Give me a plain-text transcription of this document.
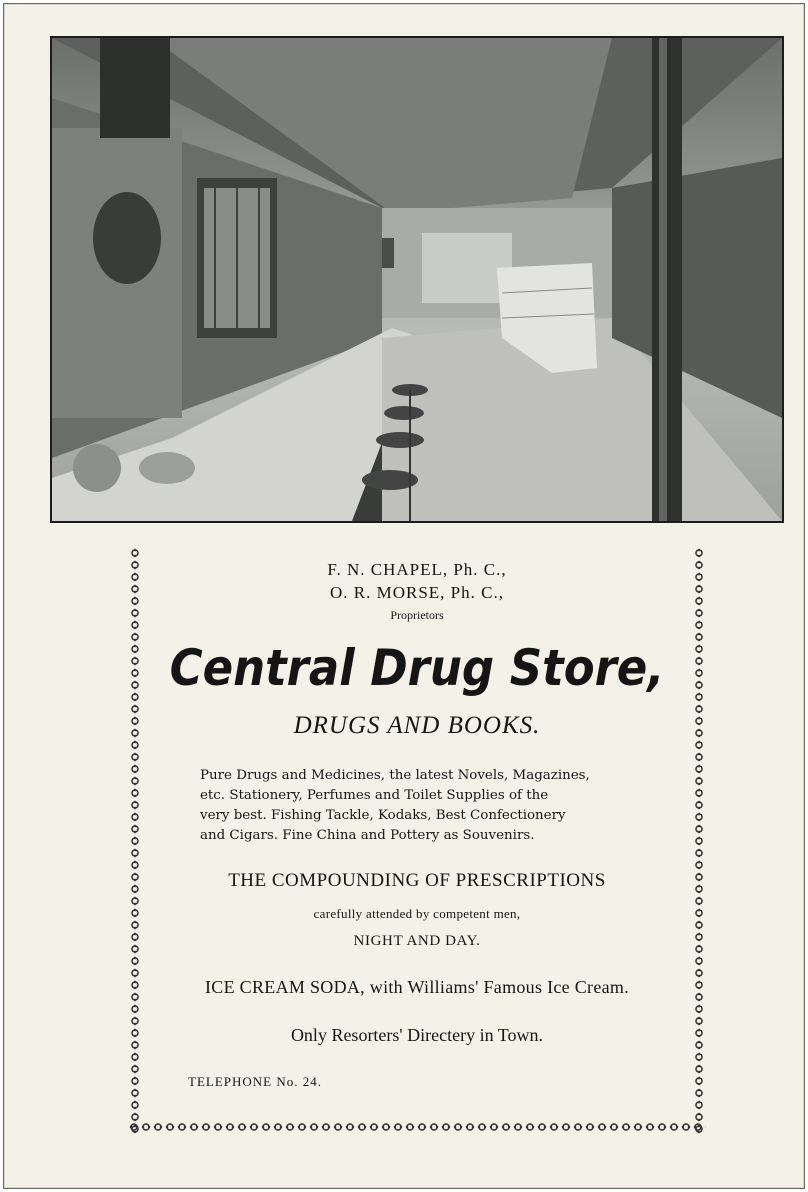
F. N. CHAPEL, Ph. C.,
O. R. MORSE, Ph. C.,
Proprietors
Central Drug Store,
DRUGS AND BOOKS.
Pure Drugs and Medicines, the latest Novels, Magazines,
etc. Stationery, Perfumes and Toilet Supplies of the
very best. Fishing Tackle, Kodaks, Best Confectionery
and Cigars. Fine China and Pottery as Souvenirs.
THE COMPOUNDING OF PRESCRIPTIONS
carefully attended by competent men,
NIGHT AND DAY.
ICE CREAM SODA, with Williams' Famous Ice Cream.
Only Resorters' Directery in Town.
TELEPHONE No. 24.
